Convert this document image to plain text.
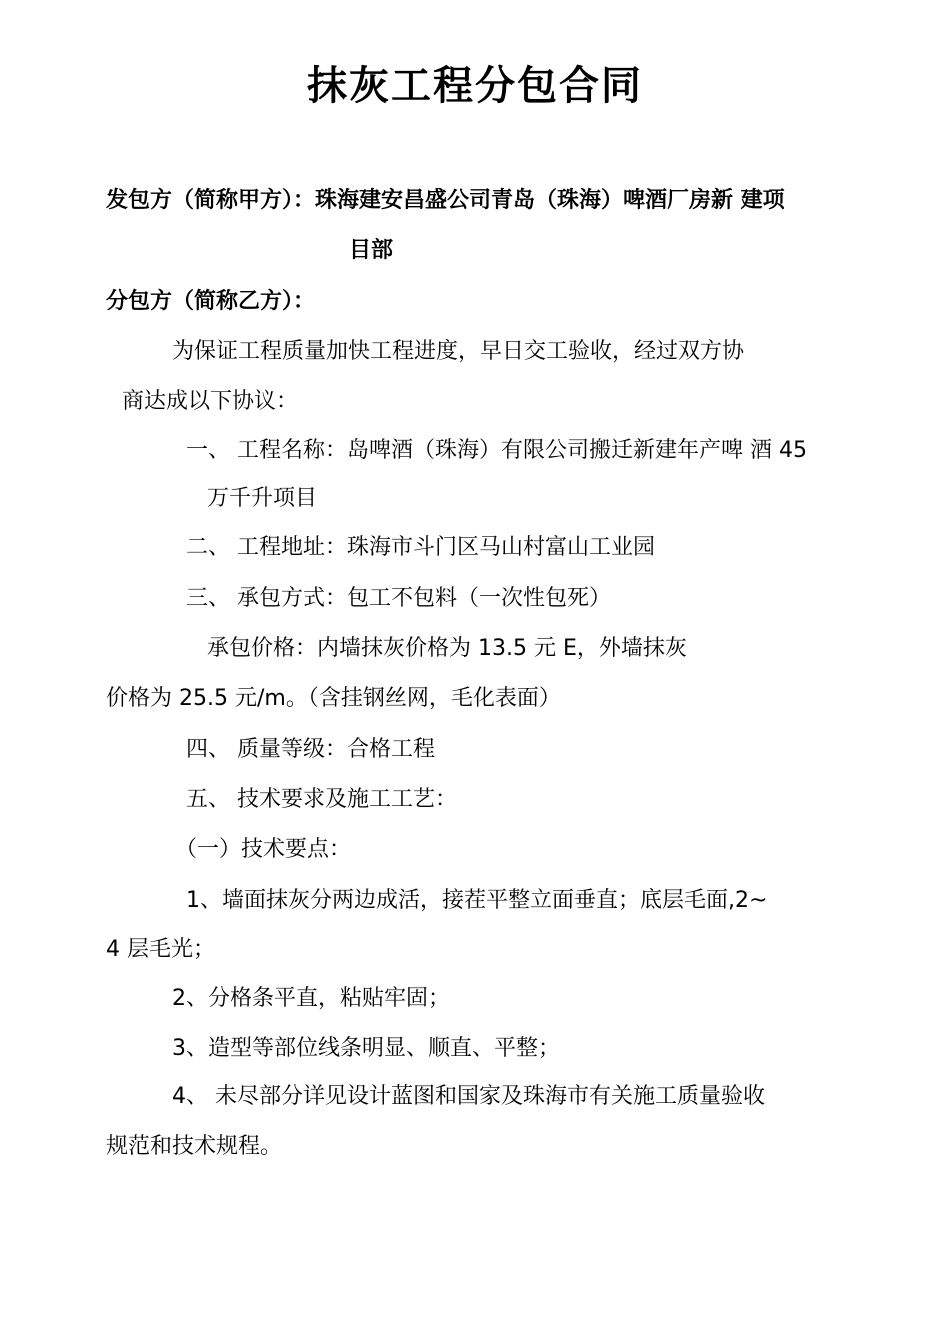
抹灰工程分包合同
发包方（简称甲方）：珠海建安昌盛公司青岛（珠海）啤酒厂房新 建项
目部
分包方（简称乙方）：
为保证工程质量加快工程进度，早日交工验收，经过双方协
商达成以下协议：
一、 工程名称：岛啤酒（珠海）有限公司搬迁新建年产啤 酒 45
万千升项目
二、 工程地址：珠海市斗门区马山村富山工业园
三、 承包方式：包工不包料（一次性包死）
承包价格：内墙抹灰价格为 13.5 元 E，外墙抹灰
价格为 25.5 元/m。（含挂钢丝网，毛化表面）
四、 质量等级：合格工程
五、 技术要求及施工工艺：
（一）技术要点：
1、墙面抹灰分两边成活，接茬平整立面垂直；底层毛面,2~
4 层毛光；
2、分格条平直，粘贴牢固；
3、造型等部位线条明显、顺直、平整；
4、 未尽部分详见设计蓝图和国家及珠海市有关施工质量验收
规范和技术规程。
